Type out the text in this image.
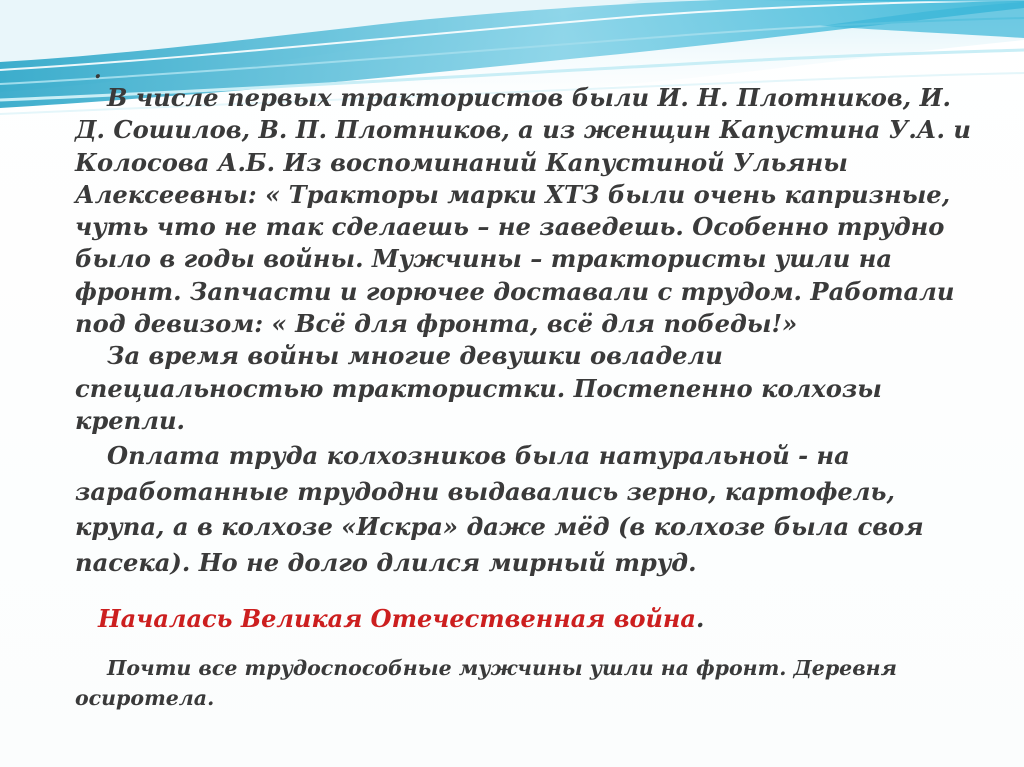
.

В числе первых трактористов были И. Н. Плотников, И. Д. Сошилов, В. П. Плотников, а из женщин Капустина У.А. и Колосова А.Б. Из воспоминаний Капустиной Ульяны Алексеевны: « Тракторы марки ХТЗ были очень капризные, чуть что не так сделаешь – не заведешь. Особенно трудно было в годы войны. Мужчины – трактористы ушли на фронт. Запчасти и горючее доставали с трудом. Работали под девизом: « Всё для фронта, всё для победы!»
За время войны многие девушки овладели специальностью трактористки. Постепенно колхозы крепли.

Оплата труда колхозников была натуральной - на заработанные трудодни выдавались зерно, картофель, крупа, а в колхозе «Искра» даже мёд (в колхозе была своя пасека). Но не долго длился мирный труд.

Началась Великая Отечественная война.

Почти все трудоспособные мужчины ушли на фронт. Деревня осиротела.
